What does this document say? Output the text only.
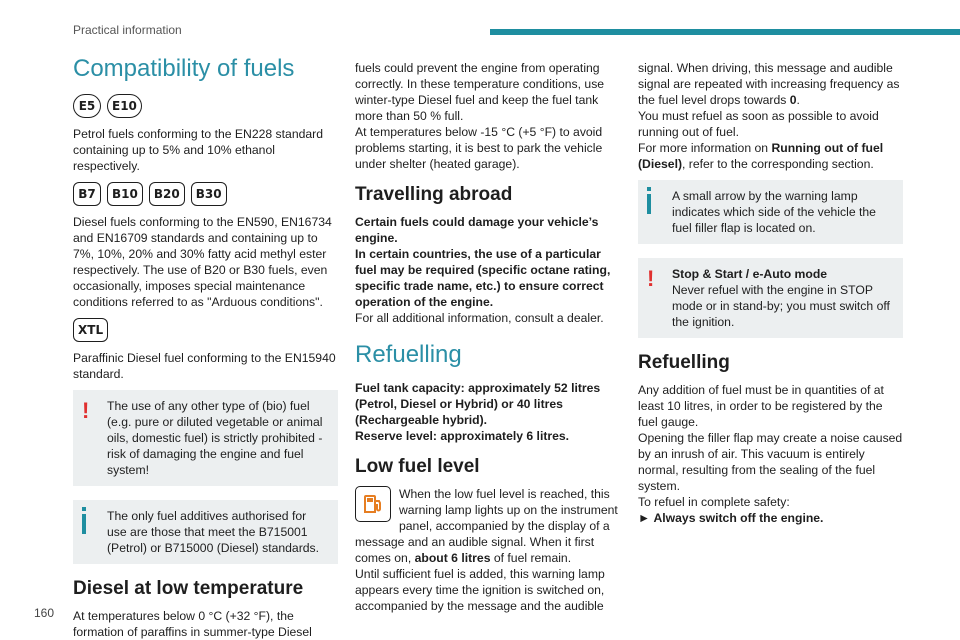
Practical information
160
Compatibility of fuels
E5	E10

Petrol fuels conforming to the EN228 standard containing up to 5% and 10% ethanol respectively.

B7	B10	B20	B30

Diesel fuels conforming to the EN590, EN16734 and EN16709 standards and containing up to 7%, 10%, 20% and 30% fatty acid methyl ester respectively. The use of B20 or B30 fuels, even occasionally, imposes special maintenance conditions referred to as "Arduous conditions".

XTL

Paraffinic Diesel fuel conforming to the EN15940 standard.

!	The use of any other type of (bio) fuel (e.g. pure or diluted vegetable or animal oils, domestic fuel) is strictly prohibited - risk of damaging the engine and fuel system!
The only fuel additives authorised for use are those that meet the B715001 (Petrol) or B715000 (Diesel) standards.
Diesel at low temperature

At temperatures below 0 °C (+32 °F), the formation of paraffins in summer-type Diesel

fuels could prevent the engine from operating correctly. In these temperature conditions, use winter-type Diesel fuel and keep the fuel tank more than 50 % full.

At temperatures below -15 °C (+5 °F) to avoid problems starting, it is best to park the vehicle under shelter (heated garage).

Travelling abroad

Certain fuels could damage your vehicle’s engine.

In certain countries, the use of a particular fuel may be required (specific octane rating, specific trade name, etc.) to ensure correct operation of the engine.

For all additional information, consult a dealer.

Refuelling

Fuel tank capacity: approximately 52 litres (Petrol, Diesel or Hybrid) or 40 litres (Rechargeable hybrid).

Reserve level: approximately 6 litres.

Low fuel level

When the low fuel level is reached, this warning lamp lights up on the instrument panel, accompanied by the display of a message and an audible signal. When it first comes on, about 6 litres of fuel remain.

Until sufficient fuel is added, this warning lamp appears every time the ignition is switched on, accompanied by the message and the audible

signal. When driving, this message and audible signal are repeated with increasing frequency as the fuel level drops towards 0.

You must refuel as soon as possible to avoid running out of fuel.

For more information on Running out of fuel (Diesel), refer to the corresponding section.

A small arrow by the warning lamp indicates which side of the vehicle the fuel filler flap is located on.
!	Stop & Start / e-Auto mode
Never refuel with the engine in STOP mode or in stand-by; you must switch off the ignition.
Refuelling

Any addition of fuel must be in quantities of at least 10 litres, in order to be registered by the fuel gauge.

Opening the filler flap may create a noise caused by an inrush of air. This vacuum is entirely normal, resulting from the sealing of the fuel system.

To refuel in complete safety:

► Always switch off the engine.
